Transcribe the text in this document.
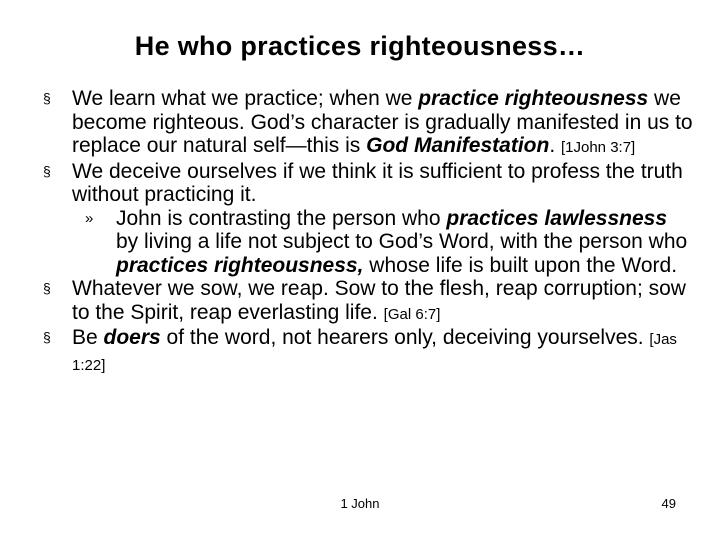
He who practices righteousness…
§	We learn what we practice; when we practice righteousness we become righteous. God’s character is gradually manifested in us to replace our natural self—this is God Manifestation. [1John 3:7]
§	We deceive ourselves if we think it is sufficient to profess the truth without practicing it.
»	John is contrasting the person who practices lawlessness by living a life not subject to God’s Word, with the person who practices righteousness, whose life is built upon the Word.
§	Whatever we sow, we reap. Sow to the flesh, reap corruption; sow to the Spirit, reap everlasting life. [Gal 6:7]
§	Be doers of the word, not hearers only, deceiving yourselves. [Jas 1:22]
1 John	49
